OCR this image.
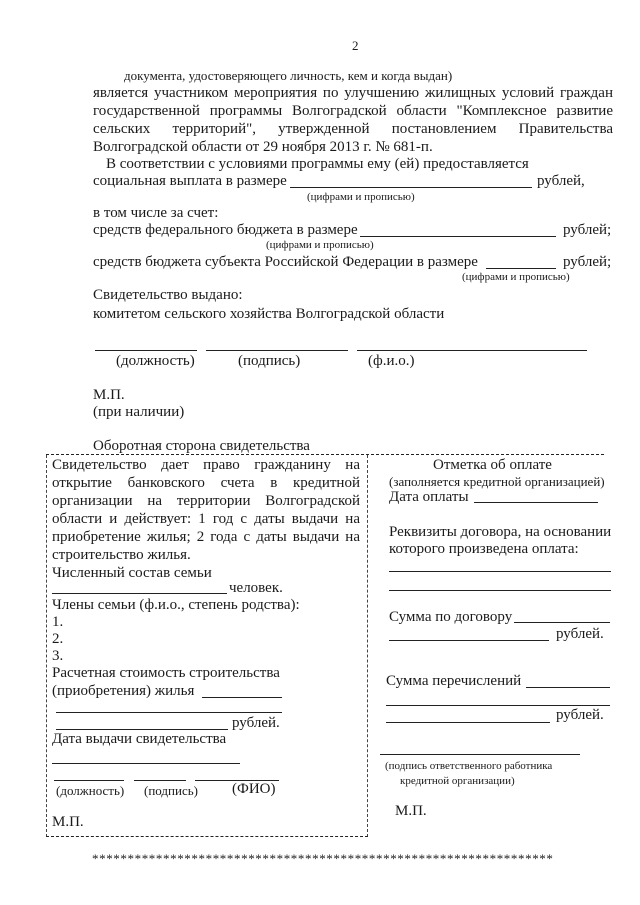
2
документа, удостоверяющего личность, кем и когда выдан)
является участником мероприятия по улучшению жилищных условий граждан
государственной программы Волгоградской области "Комплексное развитие
сельских территорий", утвержденной постановлением Правительства
Волгоградской области от 29 ноября 2013 г. № 681-п.
В соответствии с условиями программы ему (ей) предоставляется
социальная выплата в размере	рублей,
(цифрами и прописью)
в том числе за счет:
средств федерального бюджета в размере	рублей;
(цифрами и прописью)
средств бюджета субъекта Российской Федерации в размере	рублей;
(цифрами и прописью)
Свидетельство выдано:
комитетом сельского хозяйства Волгоградской области
(должность)	(подпись)	(ф.и.о.)
М.П.
(при наличии)
Оборотная сторона свидетельства
Свидетельство дает право гражданину на
открытие банковского счета в кредитной
организации на территории Волгоградской
области и действует: 1 год с даты выдачи на
приобретение жилья; 2 года с даты выдачи на
строительство жилья.
Численный состав семьи
человек.
Члены семьи (ф.и.о., степень родства):
1.
2.
3.
Расчетная стоимость строительства
(приобретения) жилья
рублей.
Дата выдачи свидетельства
(должность) (подпись) (ФИО)
М.П.
Отметка об оплате
(заполняется кредитной организацией)
Дата оплаты
Реквизиты договора, на основании
которого произведена оплата:
Сумма по договору
рублей.
Сумма перечислений
рублей.
(подпись ответственного работника
кредитной организации)
М.П.
*****************************************************************
